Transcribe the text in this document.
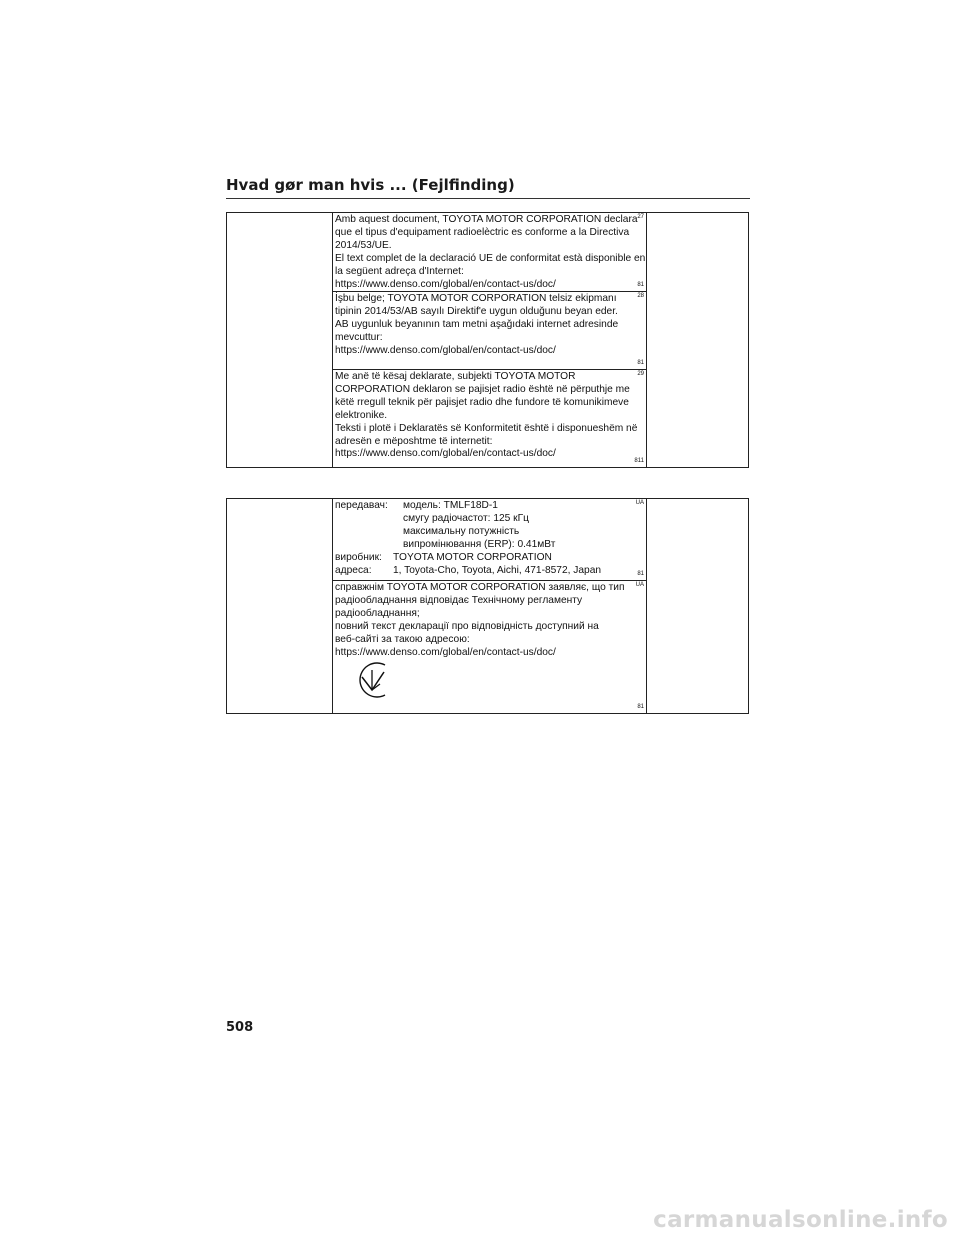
Hvad gør man hvis ... (Fejlfinding)
Amb aquest document, TOYOTA MOTOR CORPORATION declara
que el tipus d'equipament radioelèctric es conforme a la Directiva
2014/53/UE.
El text complet de la declaració UE de conformitat està disponible en
la següent adreça d'Internet:
https://www.denso.com/global/en/contact-us/doc/
27
81
İşbu belge; TOYOTA MOTOR CORPORATION telsiz ekipmanı
tipinin 2014/53/AB sayılı Direktif'e uygun olduğunu beyan eder.
AB uygunluk beyanının tam metni aşağıdaki internet adresinde
mevcuttur:
https://www.denso.com/global/en/contact-us/doc/
28
81
Me anë të kësaj deklarate, subjekti TOYOTA MOTOR
CORPORATION deklaron se pajisjet radio është në përputhje me
këtë rregull teknik për pajisjet radio dhe fundore të komunikimeve
elektronike.
Teksti i plotë i Deklaratës së Konformitetit është i disponueshëm në
adresën e mëposhtme të internetit:
https://www.denso.com/global/en/contact-us/doc/
29
811
передавач:	модель: TMLF18D-1
смугу радіочастот: 125 кГц
максимальну потужність
випромінювання (ERP): 0.41мВт
виробник:	TOYOTA MOTOR CORPORATION
адреса:	1, Toyota-Cho, Toyota, Aichi, 471-8572, Japan
UA
81
справжнім TOYOTA MOTOR CORPORATION заявляє, що тип
радіообладнання відповідає Технічному регламенту
радіообладнання;
повний текст декларації про відповідність доступний на
веб-сайті за такою адресою:
https://www.denso.com/global/en/contact-us/doc/
UA
81
508
carmanualsonline.info
